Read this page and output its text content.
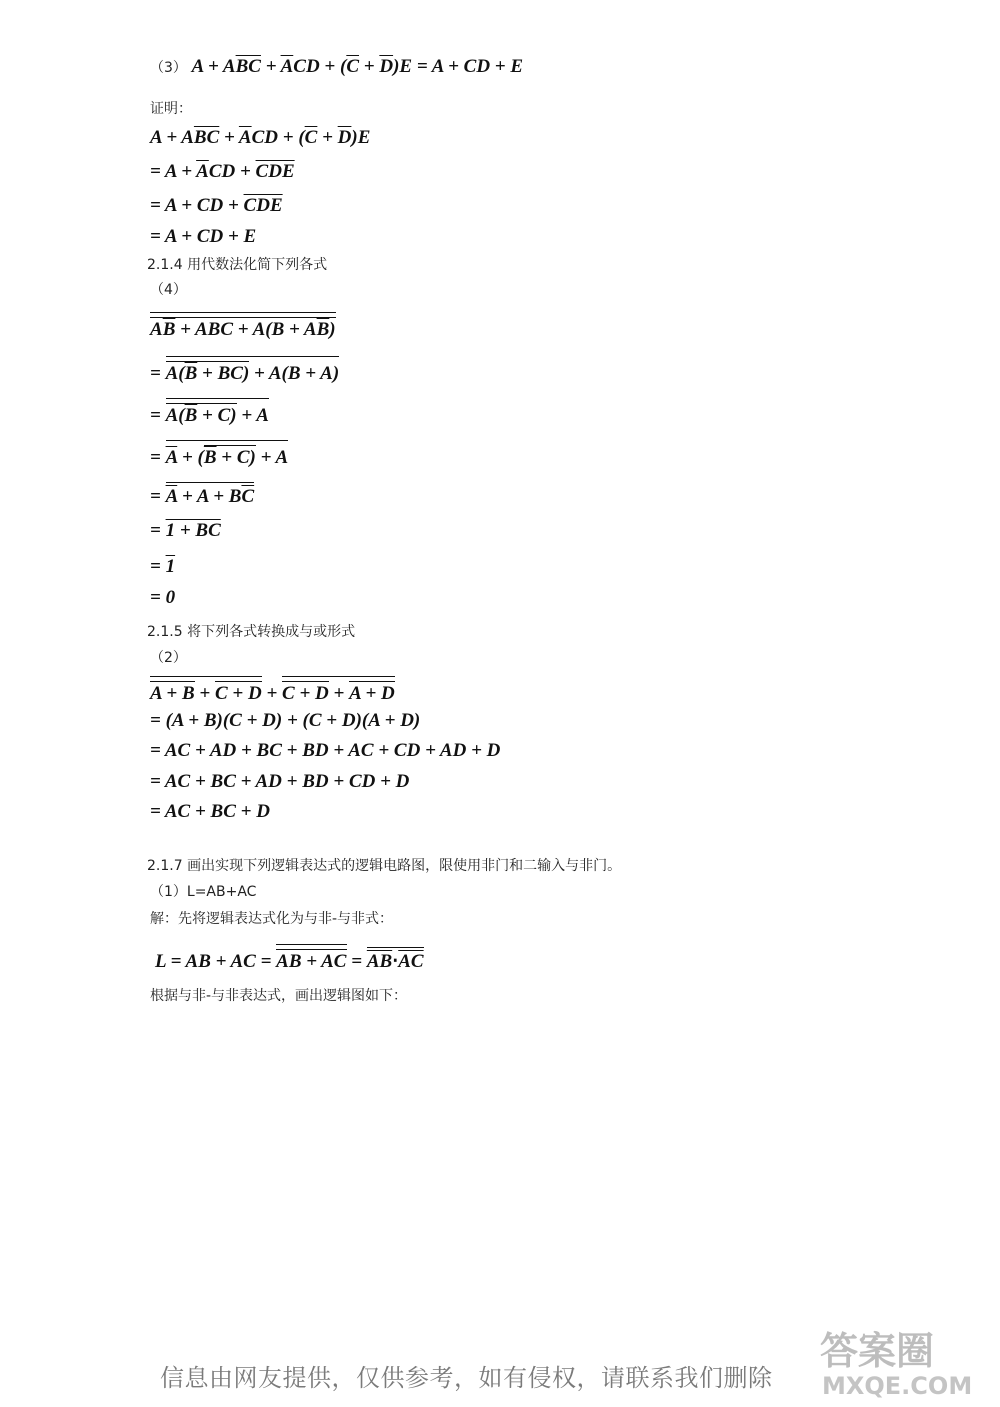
（3） $A + A\overline{BC} + \overline{A}CD + (\overline{C} + \overline{D})E = A$ + CD + E
证明：
$A + A\overline{BC} + \overline{A}CD + (\overline{C} + \overline{D})E$
= $A + \overline{A}CD + \overline{CDE}$
= A + CD + $\overline{CDE}$
= A + CD + E
2.1.4 用代数法化简下列各式
（4）
$A\overline{B}$ + ABC + $A(B + A\overline{B})$
= $A(\overline{B} + BC) + A(B + A)$
= $A(\overline{B} + C) + A$
= $\overline{A} + (\overline{B} + C) + A$
= $\overline{A} + A + B\overline{C}$
= 1 + BC
= 1
= 0
2.1.5 将下列各式转换成与或形式
（2）
A + B + C + D + C + D + A + D
= (A + B)(C + D) + (C + D)(A + D)
= AC + AD + BC + BD + AC + CD + AD + D
= AC + BC + AD + BD + CD + D
= AC + BC + D
2.1.7 画出实现下列逻辑表达式的逻辑电路图，限使用非门和二输入与非门。
（1）L=AB+AC
解：先将逻辑表达式化为与非-与非式：
L = AB + AC = AB + AC = $\overline{AB}\cdot\overline{AC}$
根据与非-与非表达式，画出逻辑图如下：
信息由网友提供，仅供参考，如有侵权，请联系我们删除
答案圈
MXQE.COM
